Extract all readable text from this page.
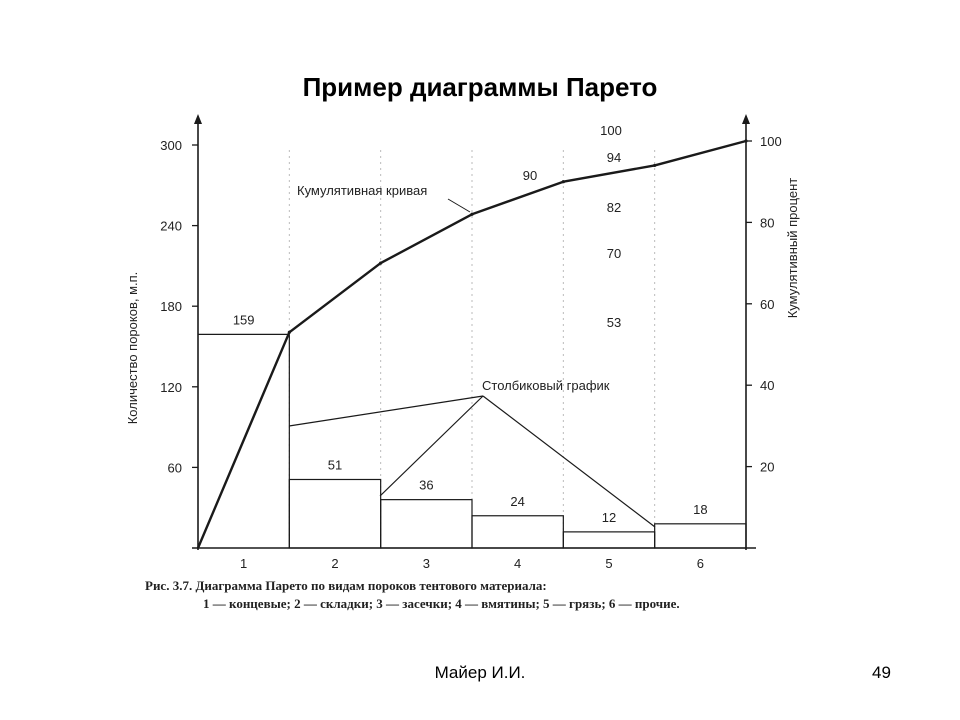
Пример диаграммы Парето
60
120
180
240
300
20
40
60
80
100
1	2	3	4	5	6
159
51
36
24
12
18
53
70
82
90
94
100
Количество пороков, м.п.
Кумулятивный процент
Кумулятивная кривая
Столбиковый график
Рис. 3.7. Диаграмма Парето по видам пороков тентового материала:
1 — концевые; 2 — складки; 3 — засечки; 4 — вмятины; 5 — грязь; 6 — прочие.
Майер И.И.	49
